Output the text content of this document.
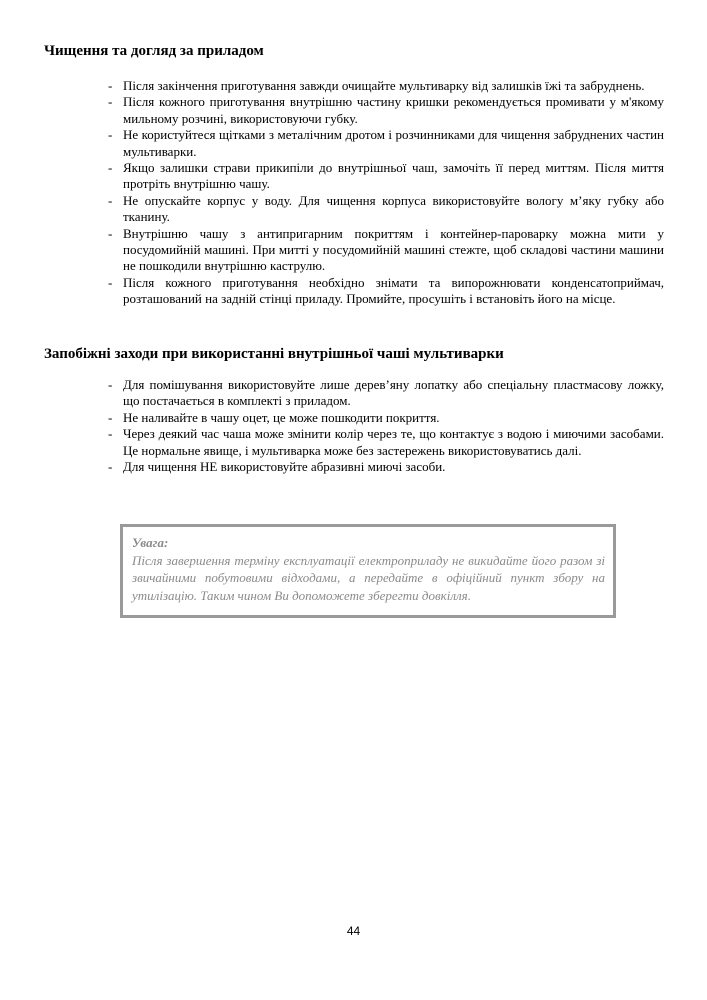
Чищення та догляд за приладом
- Після закінчення приготування завжди очищайте мультиварку від залишків їжі та забруднень.
- Після кожного приготування внутрішню частину кришки рекомендується промивати у м'якому мильному розчині, використовуючи губку.
- Не користуйтеся щітками з металічним дротом і розчинниками для чищення забруднених частин мультиварки.
- Якщо залишки страви прикипіли до внутрішньої чаш, замочіть її перед миттям. Після миття протріть внутрішню чашу.
- Не опускайте корпус у воду. Для чищення корпуса використовуйте вологу м’яку губку або тканину.
- Внутрішню чашу з антипригарним покриттям і контейнер-пароварку можна мити у посудомийній машині. При митті у посудомийній машині стежте, щоб складові частини машини не пошкодили внутрішню каструлю.
- Після кожного приготування необхідно знімати та випорожнювати конденсатоприймач, розташований на задній стінці приладу. Промийте, просушіть і встановіть його на місце.
Запобіжні заходи при використанні внутрішньої чаші мультиварки
- Для помішування використовуйте лише дерев’яну лопатку або спеціальну пластмасову ложку, що постачається в комплекті з приладом.
- Не наливайте в чашу оцет, це може пошкодити покриття.
- Через деякий час чаша може змінити колір через те, що контактує з водою і миючими засобами. Це нормальне явище, і мультиварка може без застережень використовуватись далі.
- Для чищення НЕ використовуйте абразивні миючі засоби.
Увага:
Після завершення терміну експлуатації електроприладу не викидайте його разом зі звичайними побутовими відходами, а передайте в офіційний пункт збору на утилізацію. Таким чином Ви допоможете зберегти довкілля.
44
